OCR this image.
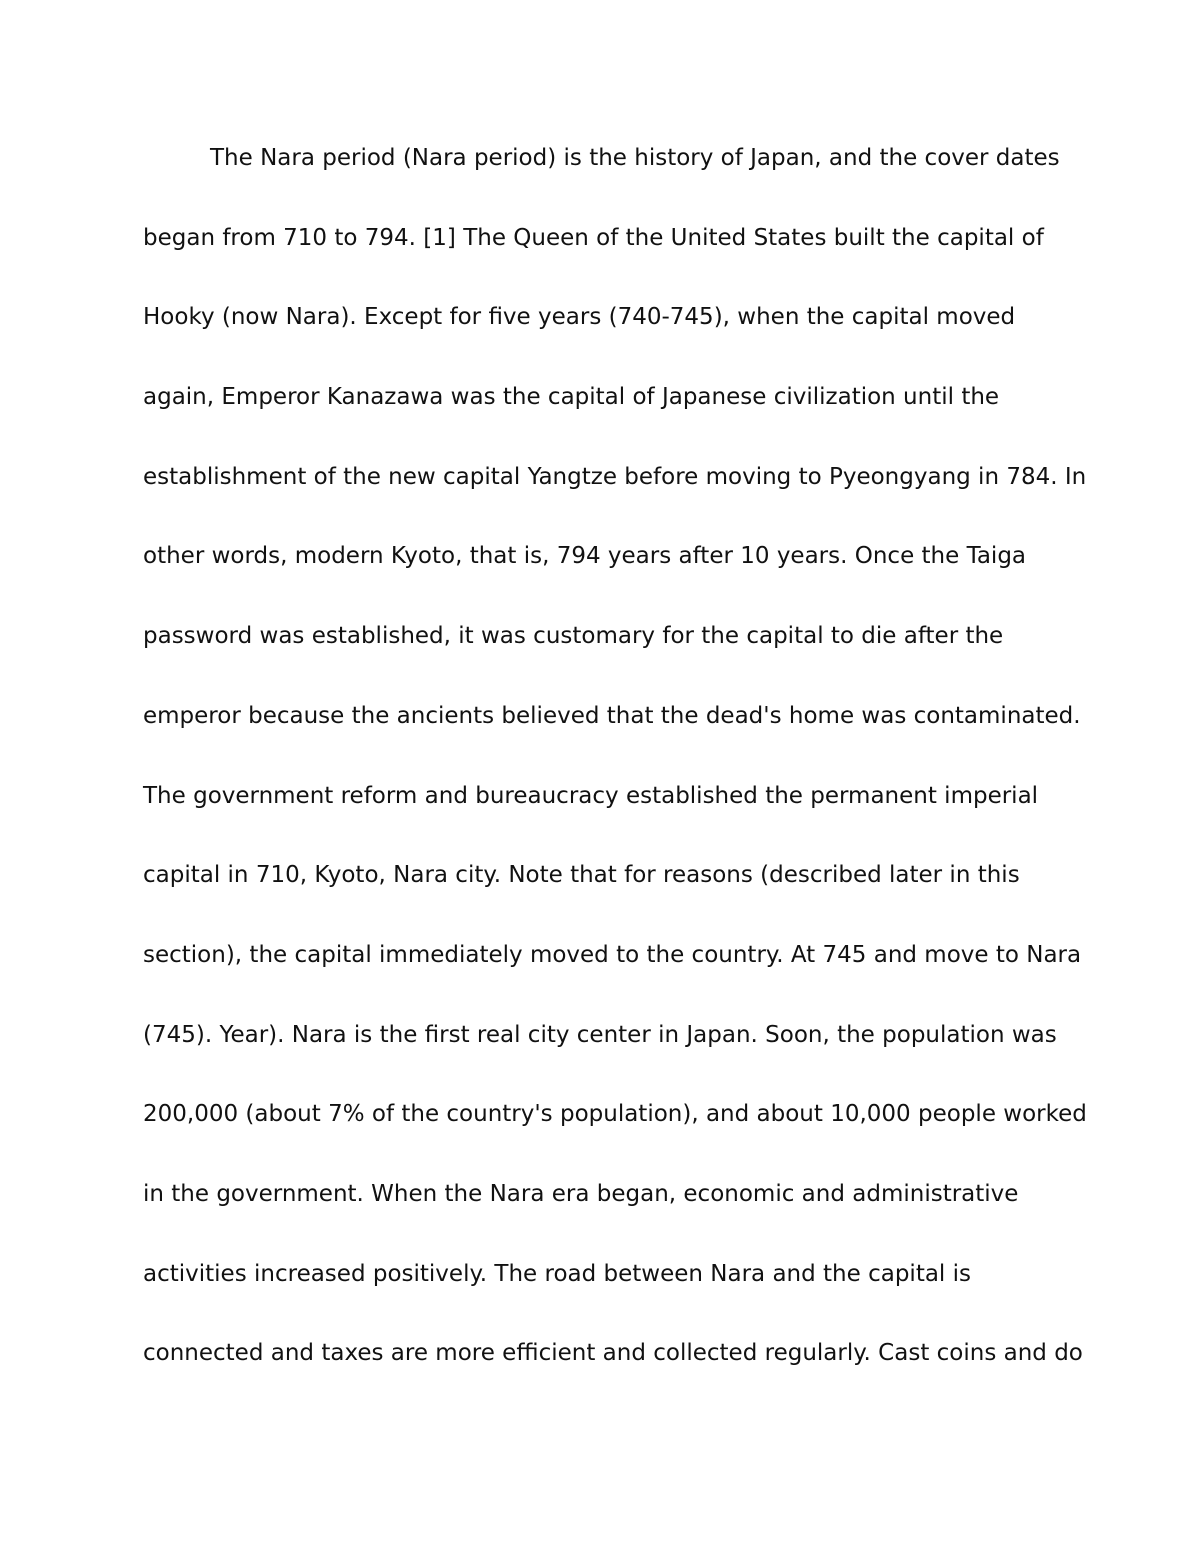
The Nara period (Nara period) is the history of Japan, and the cover dates
began from 710 to 794. [1] The Queen of the United States built the capital of
Hooky (now Nara). Except for five years (740-745), when the capital moved
again, Emperor Kanazawa was the capital of Japanese civilization until the
establishment of the new capital Yangtze before moving to Pyeongyang in 784. In
other words, modern Kyoto, that is, 794 years after 10 years. Once the Taiga
password was established, it was customary for the capital to die after the
emperor because the ancients believed that the dead's home was contaminated.
The government reform and bureaucracy established the permanent imperial
capital in 710, Kyoto, Nara city. Note that for reasons (described later in this
section), the capital immediately moved to the country. At 745 and move to Nara
(745). Year). Nara is the first real city center in Japan. Soon, the population was
200,000 (about 7% of the country's population), and about 10,000 people worked
in the government. When the Nara era began, economic and administrative
activities increased positively. The road between Nara and the capital is
connected and taxes are more efficient and collected regularly. Cast coins and do
